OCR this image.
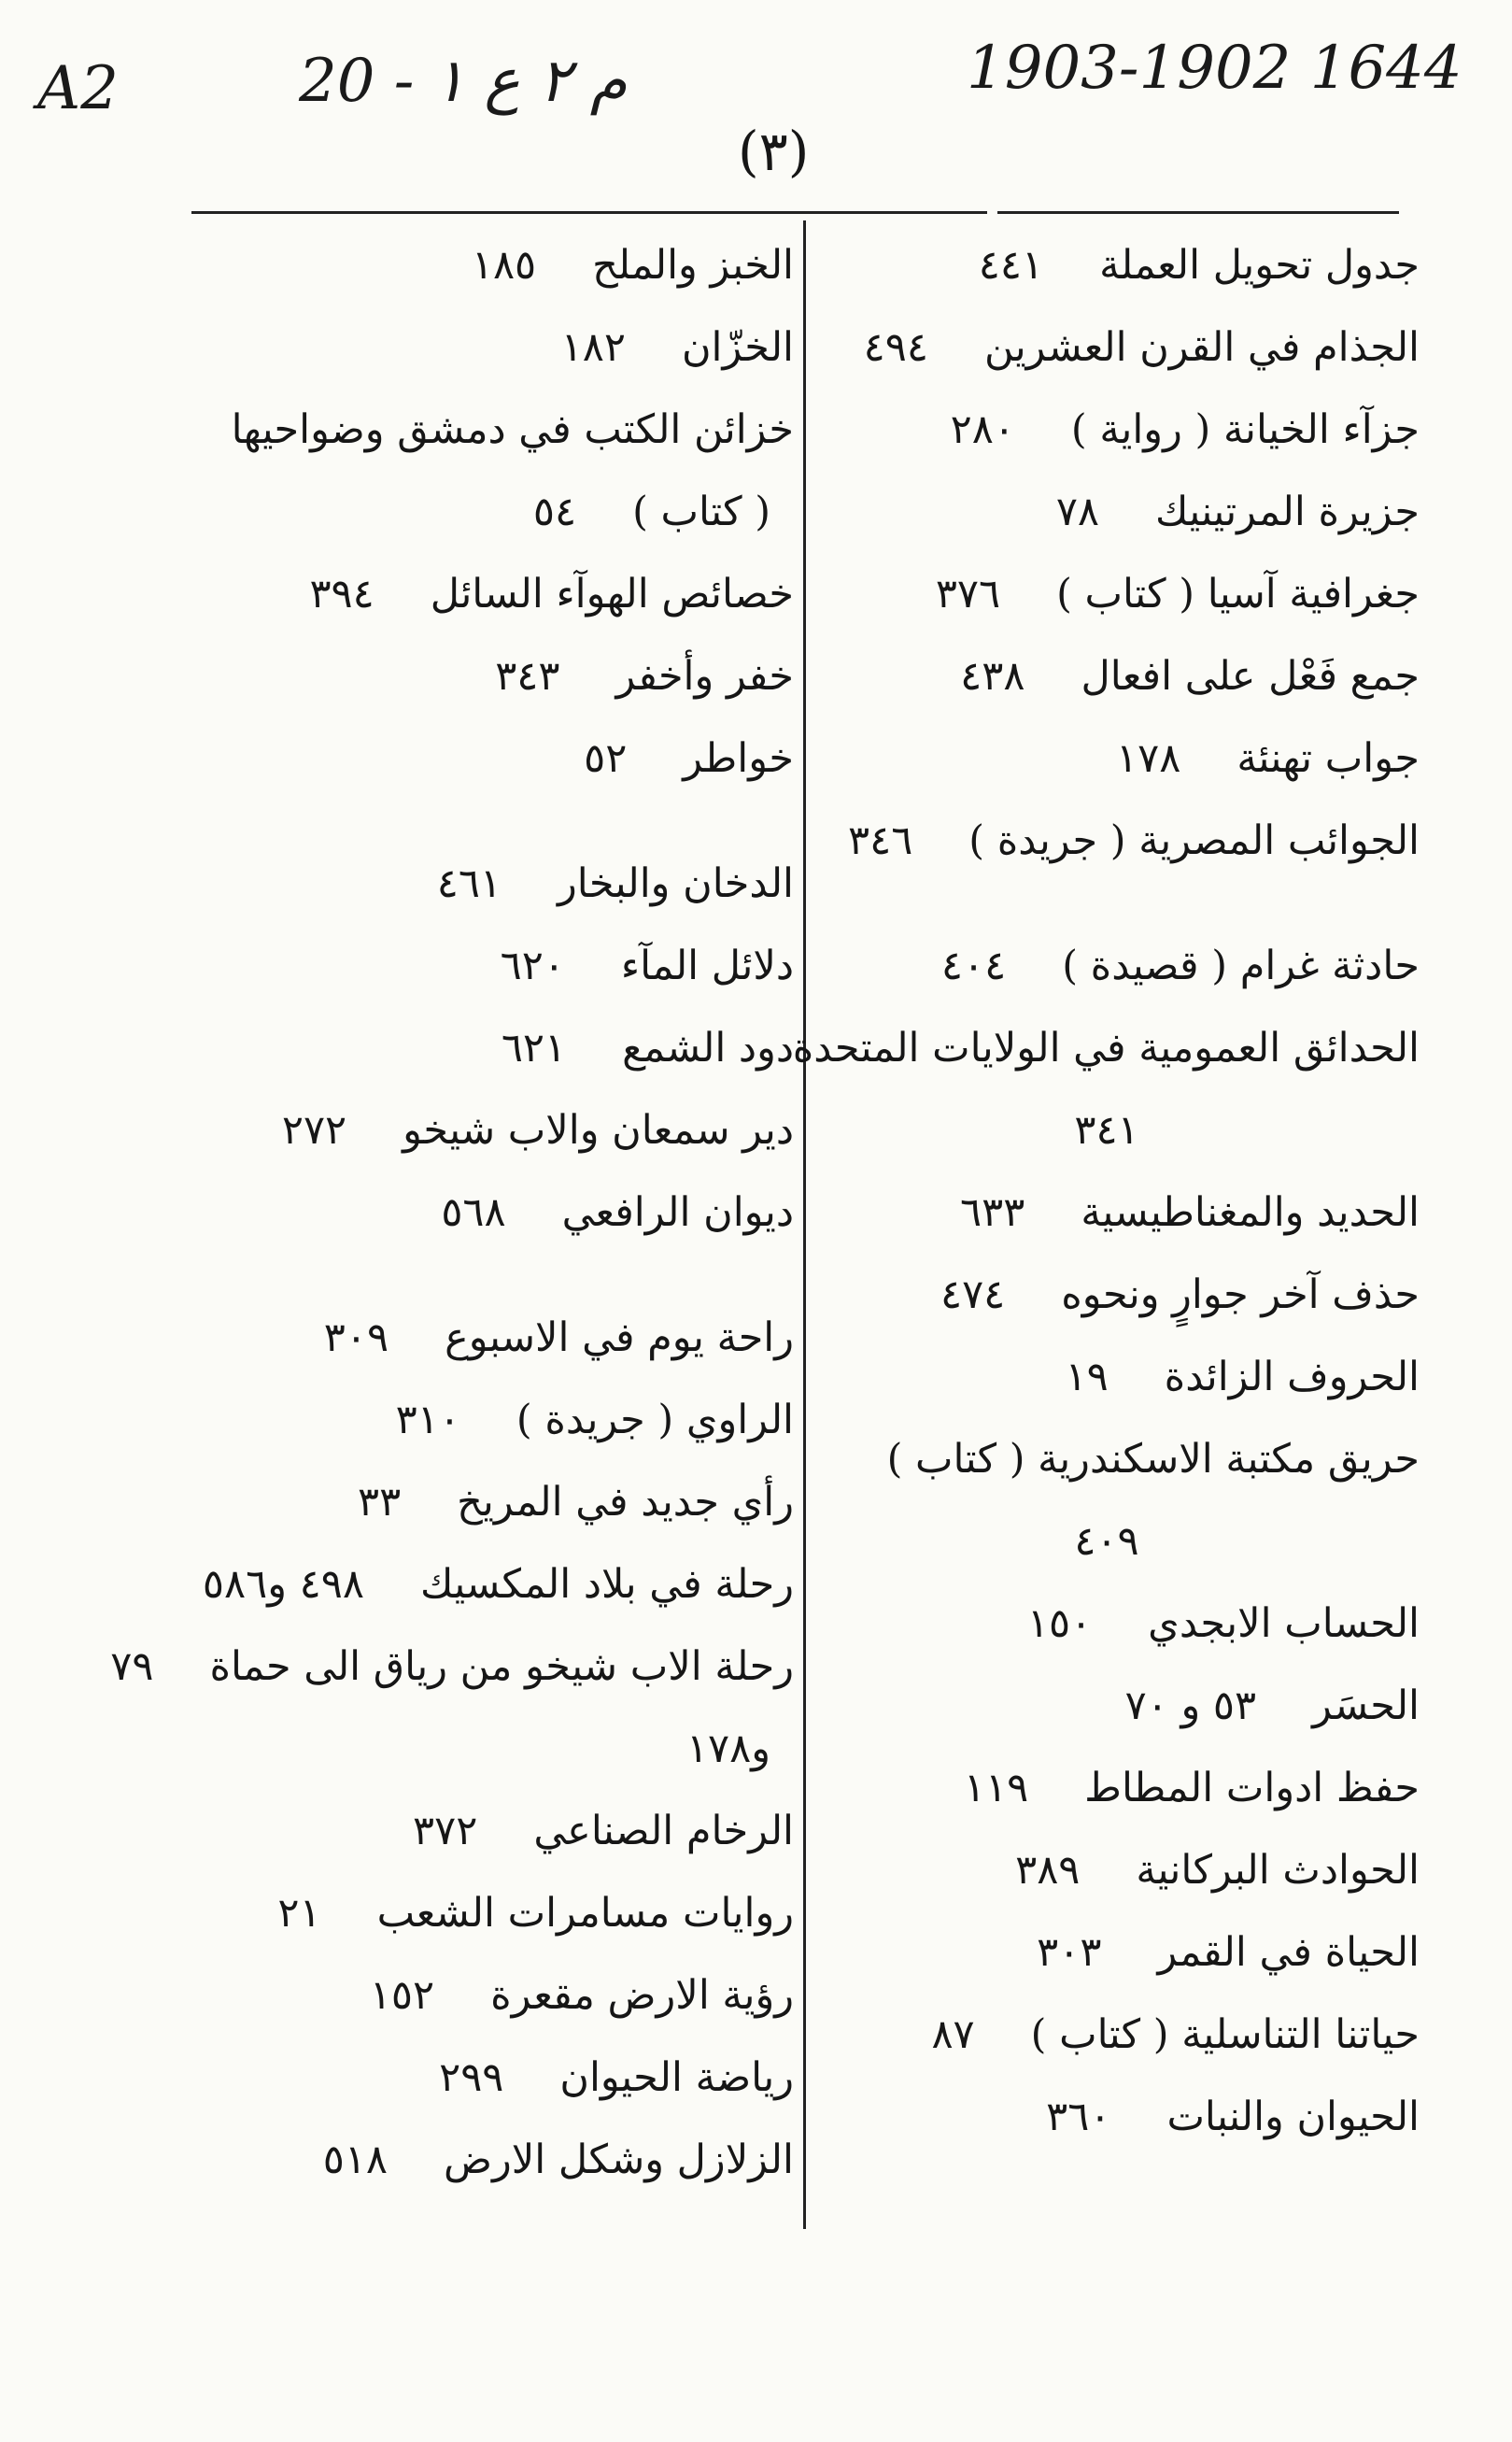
A2	م ٢ ع ١ - 20	1903-1902 1644
(٣)
جدول تحويل العملة
٤٤١
الجذام في القرن العشرين
٤٩٤
جزآء الخيانة ( رواية )
٢٨٠
جزيرة المرتينيك
٧٨
جغرافية آسيا ( كتاب )
٣٧٦
جمع فَعْل على افعال
٤٣٨
جواب تهنئة
١٧٨
الجوائب المصرية ( جريدة )
٣٤٦
حادثة غرام ( قصيدة )
٤٠٤
الحدائق العمومية في الولايات المتحدة
٣٤١
الحديد والمغناطيسية
٦٣٣
حذف آخر جوارٍ ونحوه
٤٧٤
الحروف الزائدة
١٩
حريق مكتبة الاسكندرية ( كتاب )
٤٠٩
الحساب الابجدي
١٥٠
الحسَر
٥٣ و ٧٠
حفظ ادوات المطاط
١١٩
الحوادث البركانية
٣٨٩
الحياة في القمر
٣٠٣
حياتنا التناسلية ( كتاب )
٨٧
الحيوان والنبات
٣٦٠
الخبز والملح
١٨٥
الخزّان
١٨٢
خزائن الكتب في دمشق وضواحيها
( كتاب )
٥٤
خصائص الهوآء السائل
٣٩٤
خفر وأخفر
٣٤٣
خواطر
٥٢
الدخان والبخار
٤٦١
دلائل المآء
٦٢٠
دود الشمع
٦٢١
دير سمعان والاب شيخو
٢٧٢
ديوان الرافعي
٥٦٨
راحة يوم في الاسبوع
٣٠٩
الراوي ( جريدة )
٣١٠
رأي جديد في المريخ
٣٣
رحلة في بلاد المكسيك
٤٩٨ و٥٨٦
رحلة الاب شيخو من رياق الى حماة
٧٩
و١٧٨
الرخام الصناعي
٣٧٢
روايات مسامرات الشعب
٢١
رؤية الارض مقعرة
١٥٢
رياضة الحيوان
٢٩٩
الزلازل وشكل الارض
٥١٨
